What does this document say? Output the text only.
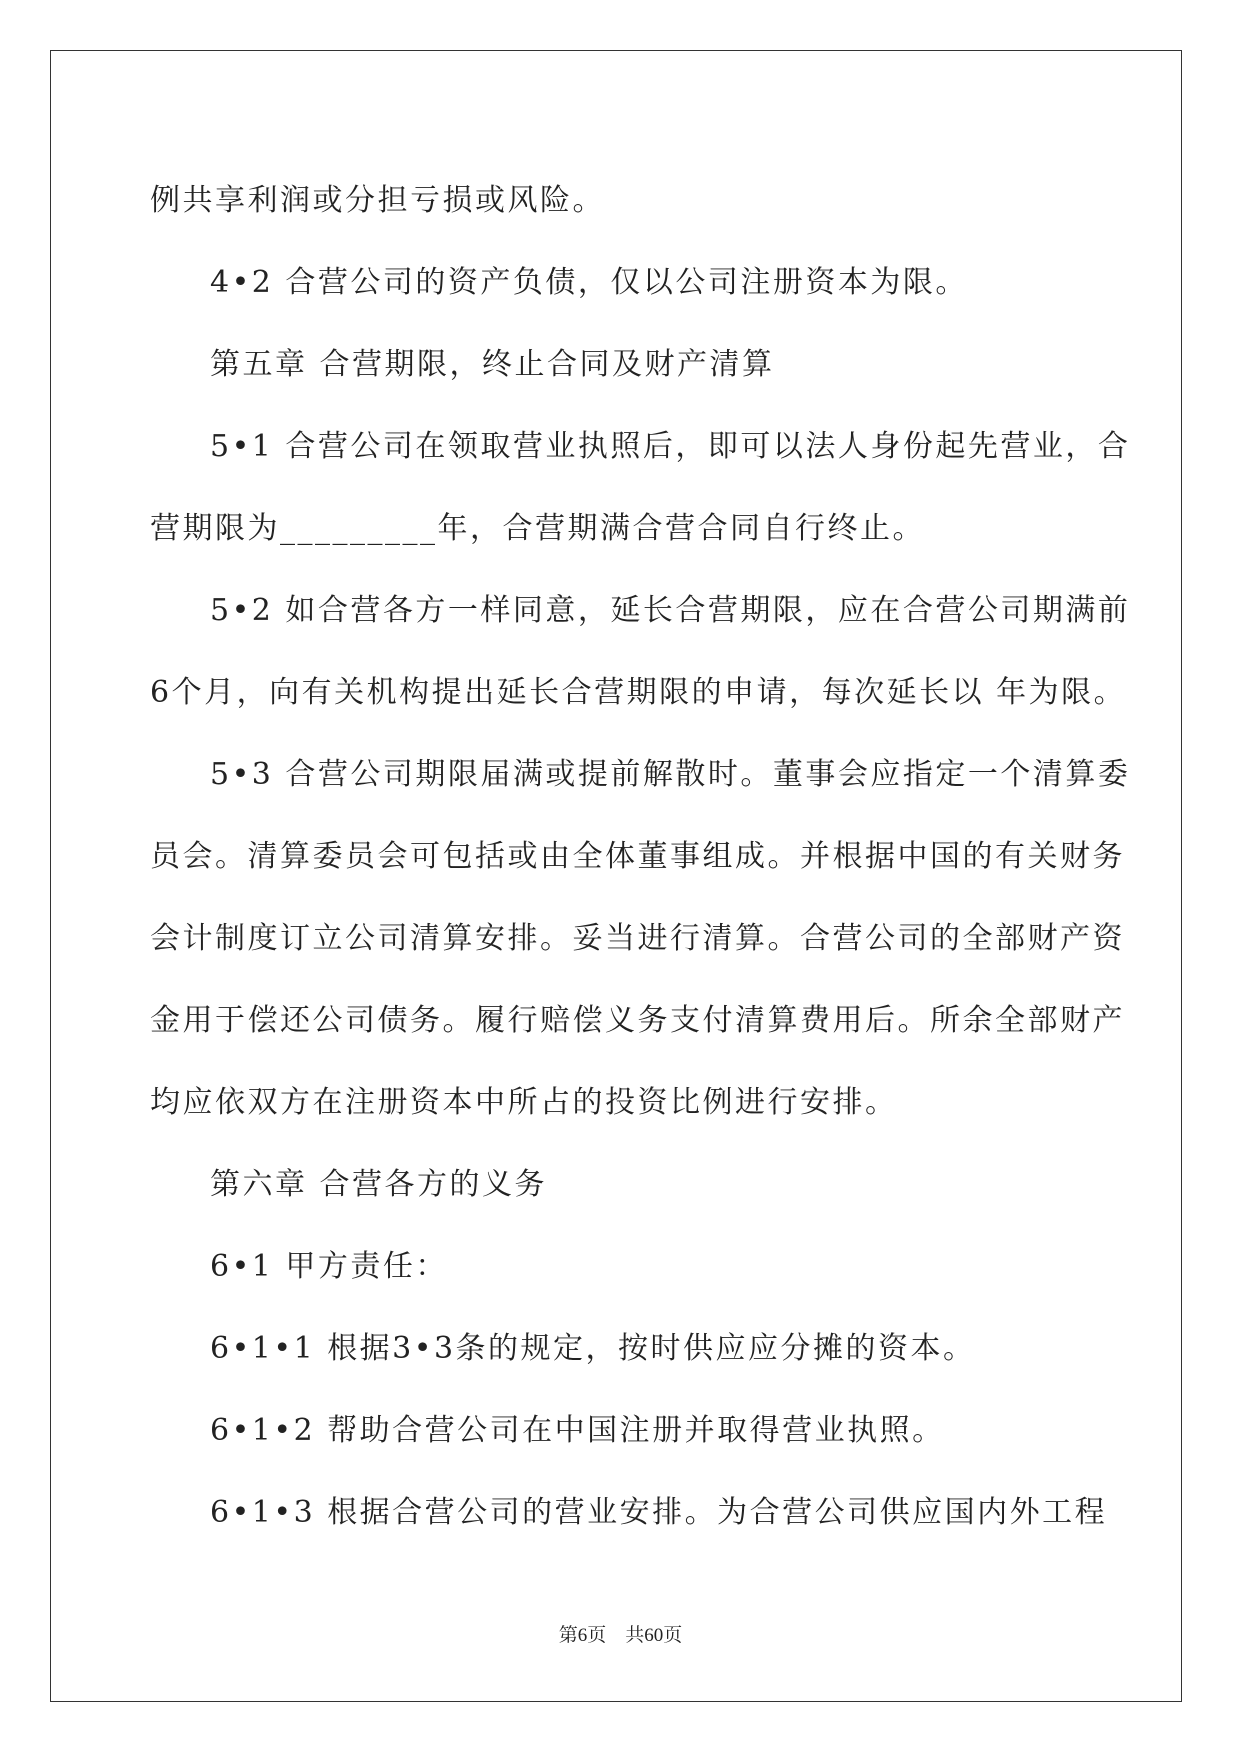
例共享利润或分担亏损或风险。
4•2 合营公司的资产负债，仅以公司注册资本为限。
第五章 合营期限，终止合同及财产清算
5•1 合营公司在领取营业执照后，即可以法人身份起先营业，合
营期限为_________年，合营期满合营合同自行终止。
5•2 如合营各方一样同意，延长合营期限，应在合营公司期满前
6个月，向有关机构提出延长合营期限的申请，每次延长以 年为限。
5•3 合营公司期限届满或提前解散时。董事会应指定一个清算委
员会。清算委员会可包括或由全体董事组成。并根据中国的有关财务
会计制度订立公司清算安排。妥当进行清算。合营公司的全部财产资
金用于偿还公司债务。履行赔偿义务支付清算费用后。所余全部财产
均应依双方在注册资本中所占的投资比例进行安排。
第六章 合营各方的义务
6•1 甲方责任：
6•1•1 根据3•3条的规定，按时供应应分摊的资本。
6•1•2 帮助合营公司在中国注册并取得营业执照。
6•1•3 根据合营公司的营业安排。为合营公司供应国内外工程
第6页　共60页
